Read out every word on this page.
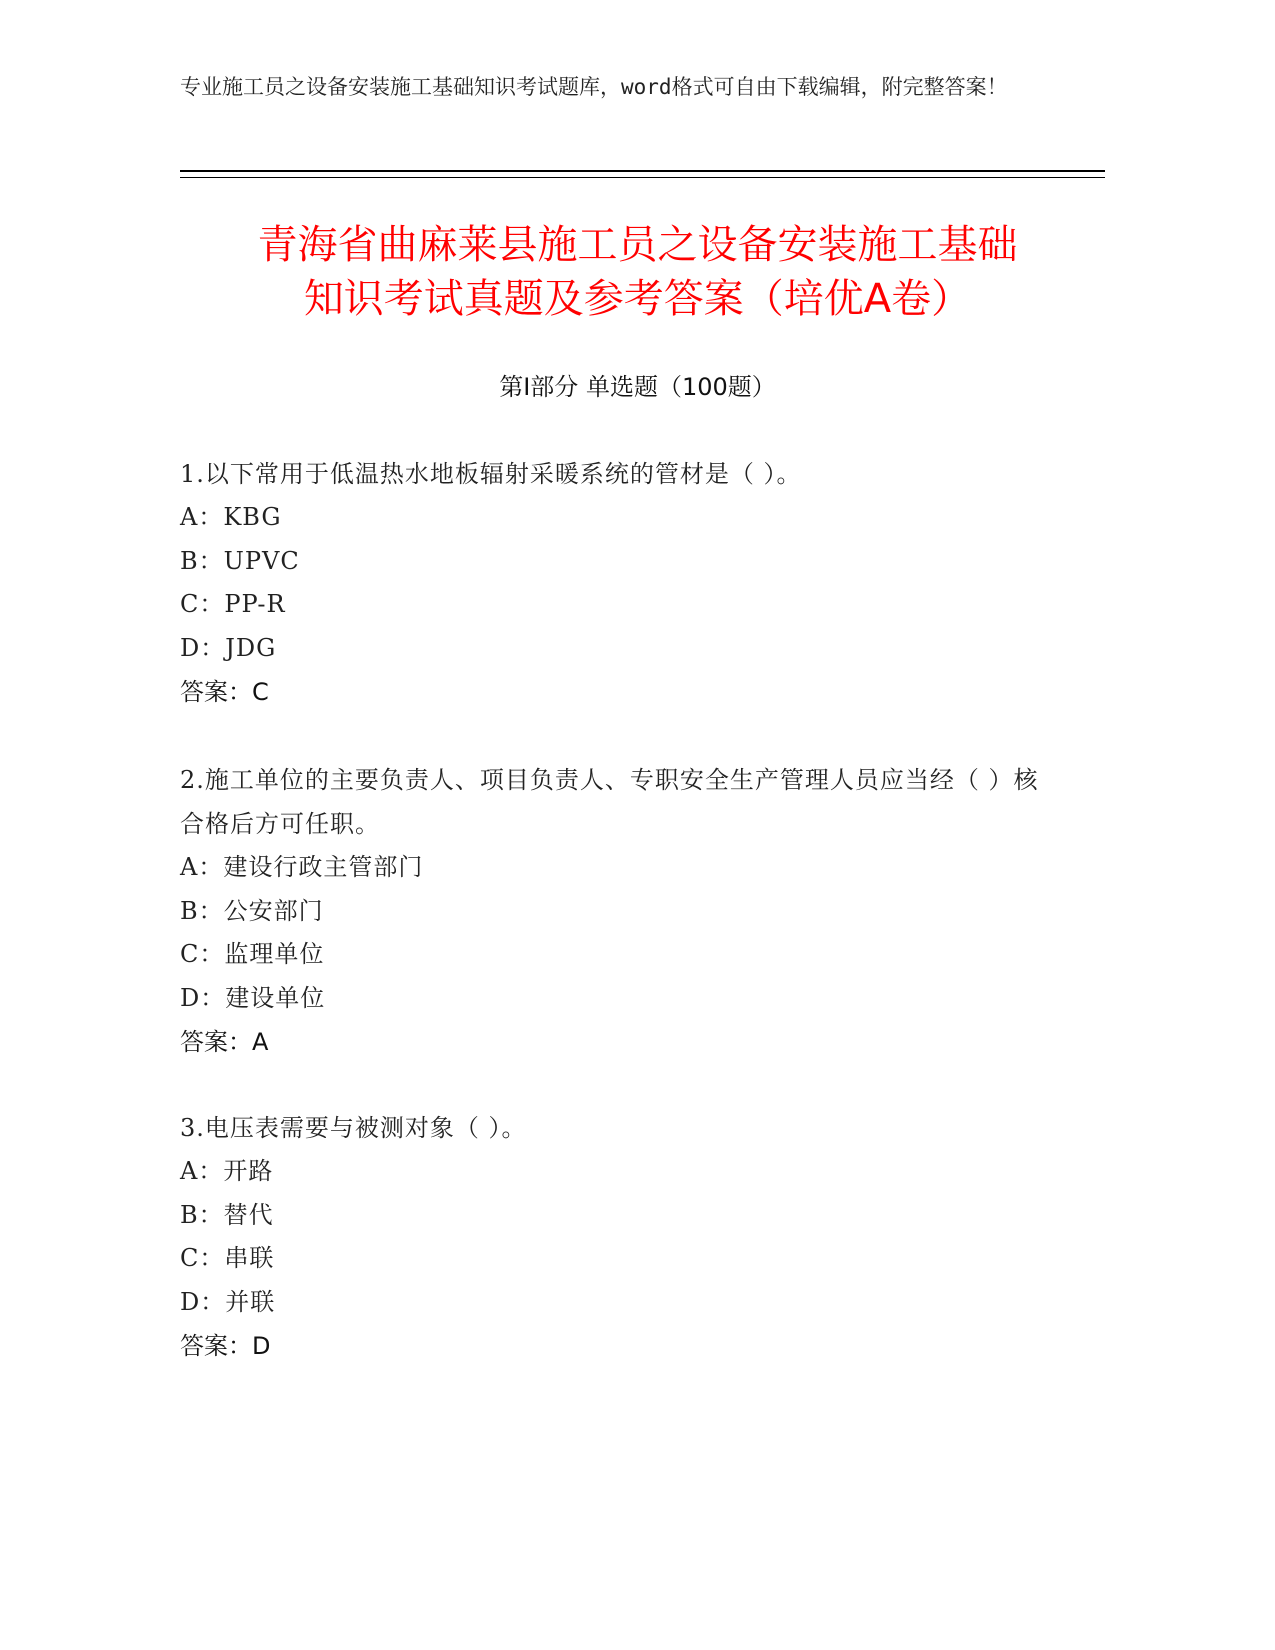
专业施工员之设备安装施工基础知识考试题库，word格式可自由下载编辑，附完整答案！
青海省曲麻莱县施工员之设备安装施工基础
知识考试真题及参考答案（培优A卷）
第Ⅰ部分 单选题（100题）
1.以下常用于低温热水地板辐射采暖系统的管材是（ ）。
A：KBG
B：UPVC
C：PP-R
D：JDG
答案：C
2.施工单位的主要负责人、项目负责人、专职安全生产管理人员应当经（ ）核合格后方可任职。
A：建设行政主管部门
B：公安部门
C：监理单位
D：建设单位
答案：A
3.电压表需要与被测对象（ ）。
A：开路
B：替代
C：串联
D：并联
答案：D
